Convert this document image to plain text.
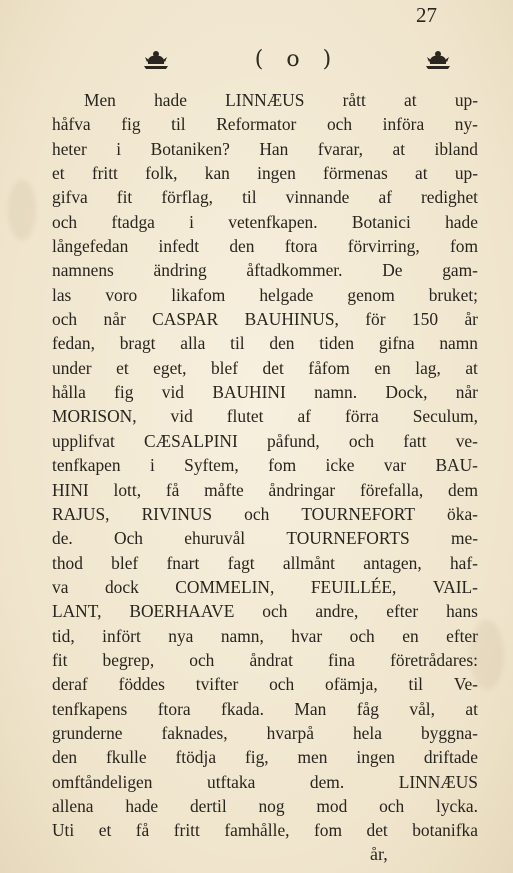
( o )
27
Men hade LINNÆUS rått at up-
håfva fig til Reformator och införa ny-
heter i Botaniken? Han fvarar, at ibland
et fritt folk, kan ingen förmenas at up-
gifva fit förflag, til vinnande af redighet
och ftadga i vetenfkapen. Botanici hade
långefedan infedt den ftora förvirring, fom
namnens ändring åftadkommer. De gam-
las voro likafom helgade genom bruket;
och når CASPAR BAUHINUS, för 150 år
fedan, bragt alla til den tiden gifna namn
under et eget, blef det fåfom en lag, at
hålla fig vid BAUHINI namn. Dock, når
MORISON, vid flutet af förra Seculum,
upplifvat CÆSALPINI påfund, och fatt ve-
tenfkapen i Syftem, fom icke var BAU-
HINI lott, få måfte åndringar förefalla, dem
RAJUS, RIVINUS och TOURNEFORT öka-
de. Och ehuruvål TOURNEFORTS me-
thod blef fnart fagt allmånt antagen, haf-
va dock COMMELIN, FEUILLÉE, VAIL-
LANT, BOERHAAVE och andre, efter hans
tid, infört nya namn, hvar och en efter
fit begrep, och åndrat fina företrådares:
deraf föddes tvifter och ofämja, til Ve-
tenfkapens ftora fkada. Man fåg vål, at
grunderne faknades, hvarpå hela byggna-
den fkulle ftödja fig, men ingen driftade
omftåndeligen	utftaka	dem.	LINNÆUS
allena hade dertil nog mod och lycka.
Uti et få fritt famhålle, fom det botanifka
år,
